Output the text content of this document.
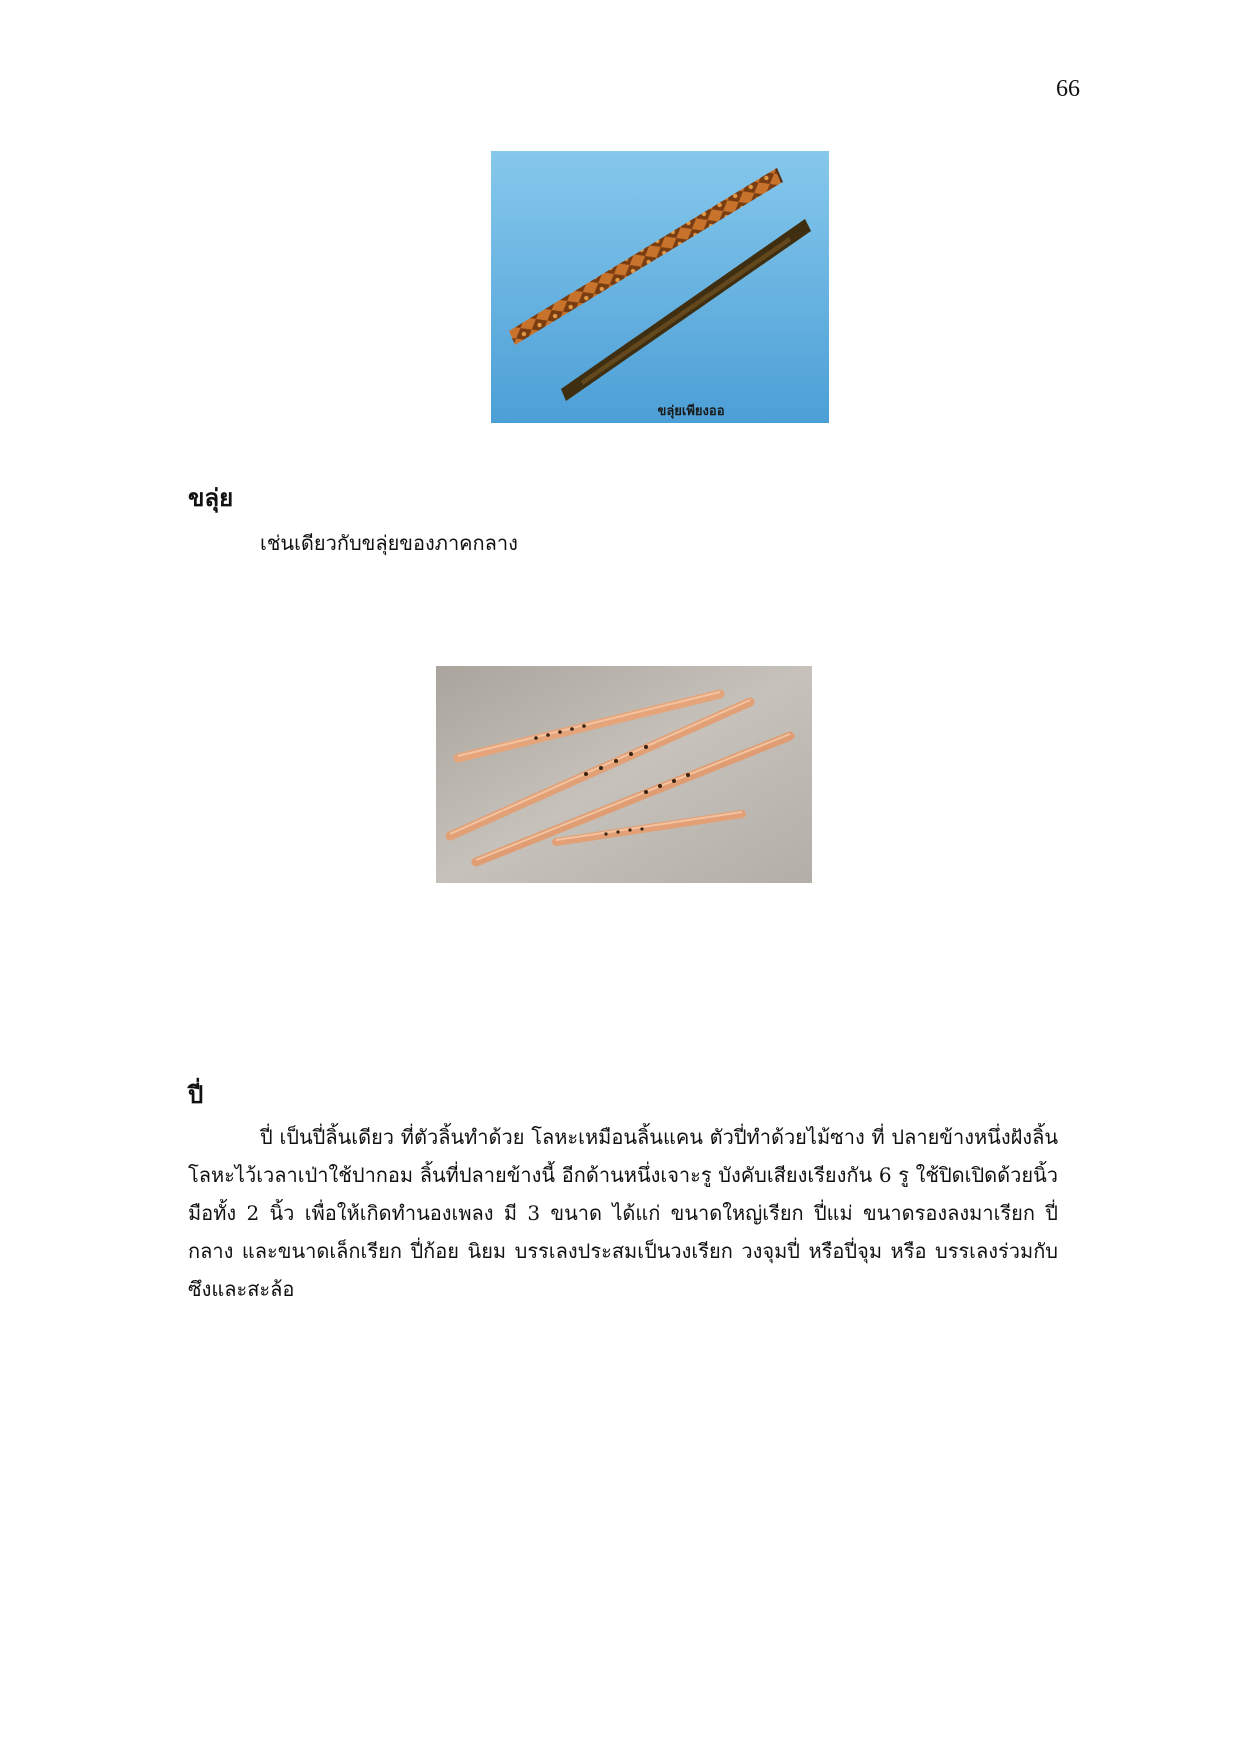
66
ขลุ่ยเพียงออ
ขลุ่ย

เช่นเดียวกับขลุ่ยของภาคกลาง

ปี่

ปี่ เป็นปี่ลิ้นเดียว ที่ตัวลิ้นทำด้วย โลหะเหมือนลิ้นแคน ตัวปี่ทำด้วยไม้ซาง ที่ ปลายข้างหนึ่งฝังลิ้น โลหะไว้เวลาเป่าใช้ปากอม ลิ้นที่ปลายข้างนี้ อีกด้านหนึ่งเจาะรู บังคับเสียงเรียงกัน 6 รู ใช้ปิดเปิดด้วยนิ้ว มือทั้ง 2 นิ้ว เพื่อให้เกิดทำนองเพลง มี 3 ขนาด ได้แก่ ขนาดใหญ่เรียก ปี่แม่ ขนาดรองลงมาเรียก ปี่กลาง และขนาดเล็กเรียก ปี่ก้อย นิยม บรรเลงประสมเป็นวงเรียก วงจุมปี่ หรือปี่จุม หรือ บรรเลงร่วมกับซึงและสะล้อ
